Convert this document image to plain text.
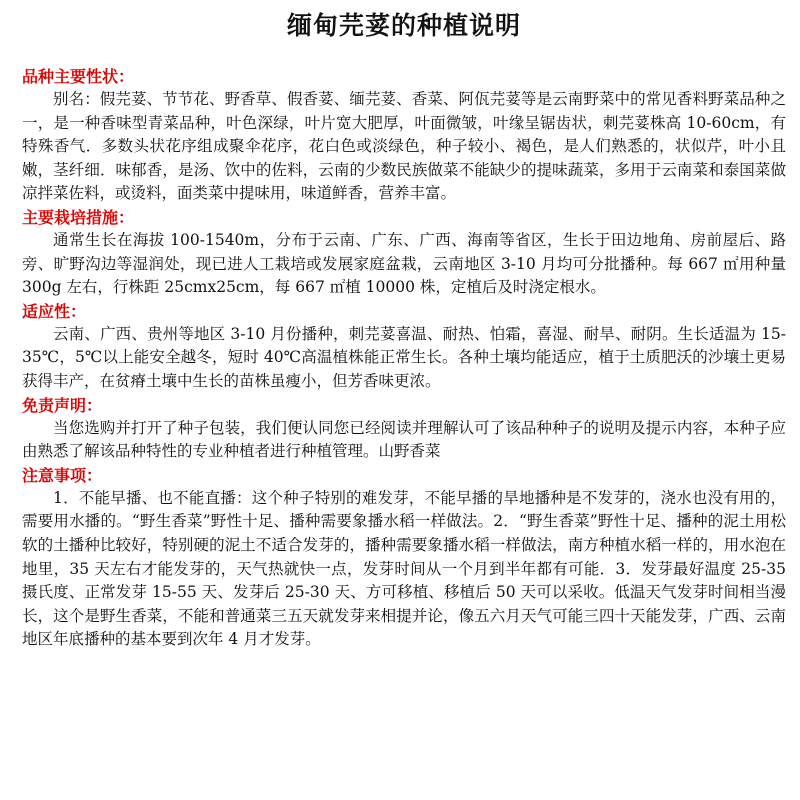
缅甸芫荽的种植说明
品种主要性状：

别名：假芫荽、节节花、野香草、假香荽、缅芫荽、香菜、阿佤芫荽等是云南野菜中的常见香料野菜品种之一，是一种香味型青菜品种，叶色深绿，叶片宽大肥厚，叶面微皱，叶缘呈锯齿状，刺芫荽株高 10-60cm，有特殊香气．多数头状花序组成聚伞花序，花白色或淡绿色，种子较小、褐色，是人们熟悉的，状似芹，叶小且嫩，茎纤细．味郁香，是汤、饮中的佐料，云南的少数民族做菜不能缺少的提味蔬菜，多用于云南菜和泰国菜做凉拌菜佐料，或烫料，面类菜中提味用，味道鲜香，营养丰富。

主要栽培措施：

通常生长在海拔 100-1540m，分布于云南、广东、广西、海南等省区，生长于田边地角、房前屋后、路旁、旷野沟边等湿润处，现已进人工栽培或发展家庭盆栽，云南地区 3-10 月均可分批播种。每 667 ㎡用种量 300g 左右，行株距 25cmx25cm，每 667 ㎡植 10000 株，定植后及时浇定根水。

适应性：

云南、广西、贵州等地区 3-10 月份播种，刺芫荽喜温、耐热、怕霜，喜湿、耐旱、耐阴。生长适温为 15-35℃，5℃以上能安全越冬，短时 40℃高温植株能正常生长。各种土壤均能适应，植于土质肥沃的沙壤土更易获得丰产，在贫瘠土壤中生长的苗株虽瘦小，但芳香味更浓。

免责声明：

当您选购并打开了种子包装，我们便认同您已经阅读并理解认可了该品种种子的说明及提示内容，本种子应由熟悉了解该品种特性的专业种植者进行种植管理。山野香菜

注意事项：

1．不能早播、也不能直播：这个种子特别的难发芽，不能早播的旱地播种是不发芽的，浇水也没有用的，需要用水播的。“野生香菜”野性十足、播种需要象播水稻一样做法。2．“野生香菜”野性十足、播种的泥土用松软的土播种比较好，特别硬的泥土不适合发芽的，播种需要象播水稻一样做法，南方种植水稻一样的，用水泡在地里，35 天左右才能发芽的，天气热就快一点，发芽时间从一个月到半年都有可能．3．发芽最好温度 25-35 摄氏度、正常发芽 15-55 天、发芽后 25-30 天、方可移植、移植后 50 天可以采收。低温天气发芽时间相当漫长，这个是野生香菜，不能和普通菜三五天就发芽来相提并论，像五六月天气可能三四十天能发芽，广西、云南地区年底播种的基本要到次年 4 月才发芽。
